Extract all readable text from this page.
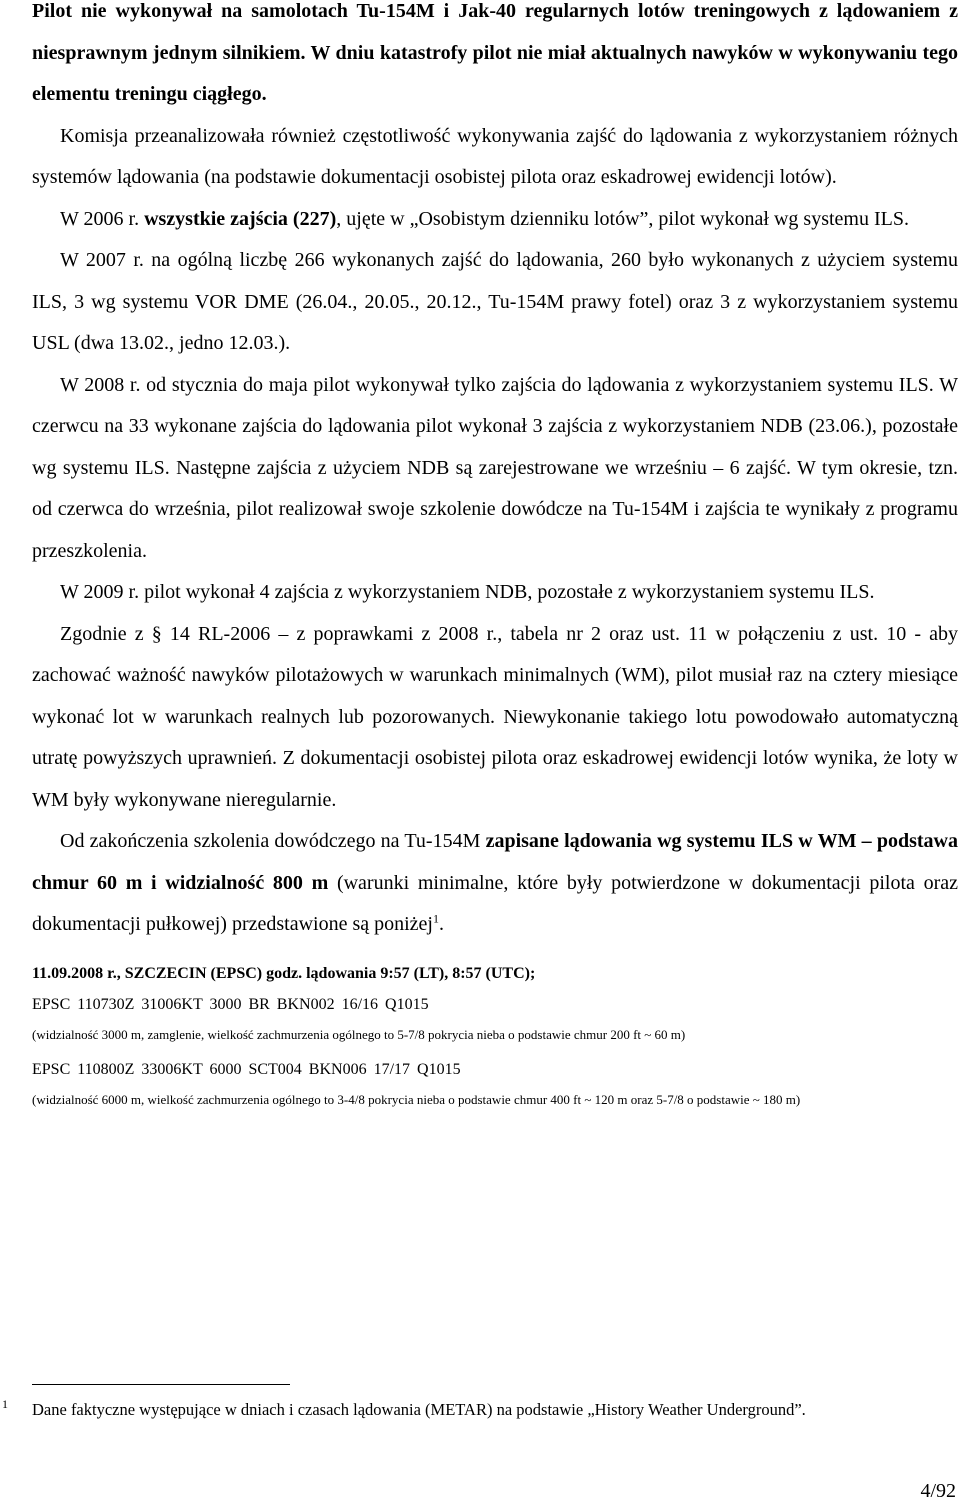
Pilot nie wykonywał na samolotach Tu-154M i Jak-40 regularnych lotów treningowych z lądowaniem z niesprawnym jednym silnikiem. W dniu katastrofy pilot nie miał aktualnych nawyków w wykonywaniu tego elementu treningu ciągłego.

Komisja przeanalizowała również częstotliwość wykonywania zajść do lądowania z wykorzystaniem różnych systemów lądowania (na podstawie dokumentacji osobistej pilota oraz eskadrowej ewidencji lotów).

W 2006 r. wszystkie zajścia (227), ujęte w „Osobistym dzienniku lotów”, pilot wykonał wg systemu ILS.

W 2007 r. na ogólną liczbę 266 wykonanych zajść do lądowania, 260 było wykonanych z użyciem systemu ILS, 3 wg systemu VOR DME (26.04., 20.05., 20.12., Tu-154M prawy fotel) oraz 3 z wykorzystaniem systemu USL (dwa 13.02., jedno 12.03.).

W 2008 r. od stycznia do maja pilot wykonywał tylko zajścia do lądowania z wykorzystaniem systemu ILS. W czerwcu na 33 wykonane zajścia do lądowania pilot wykonał 3 zajścia z wykorzystaniem NDB (23.06.), pozostałe wg systemu ILS. Następne zajścia z użyciem NDB są zarejestrowane we wrześniu – 6 zajść. W tym okresie, tzn. od czerwca do września, pilot realizował swoje szkolenie dowódcze na Tu-154M i zajścia te wynikały z programu przeszkolenia.

W 2009 r. pilot wykonał 4 zajścia z wykorzystaniem NDB, pozostałe z wykorzystaniem systemu ILS.

Zgodnie z § 14 RL-2006 – z poprawkami z 2008 r., tabela nr 2 oraz ust. 11 w połączeniu z ust. 10 - aby zachować ważność nawyków pilotażowych w warunkach minimalnych (WM), pilot musiał raz na cztery miesiące wykonać lot w warunkach realnych lub pozorowanych. Niewykonanie takiego lotu powodowało automatyczną utratę powyższych uprawnień. Z dokumentacji osobistej pilota oraz eskadrowej ewidencji lotów wynika, że loty w WM były wykonywane nieregularnie.

Od zakończenia szkolenia dowódczego na Tu-154M zapisane lądowania wg systemu ILS w WM – podstawa chmur 60 m i widzialność 800 m (warunki minimalne, które były potwierdzone w dokumentacji pilota oraz dokumentacji pułkowej) przedstawione są poniżej$^1$.

11.09.2008 r., SZCZECIN (EPSC) godz. lądowania 9:57 (LT), 8:57 (UTC);

EPSC 110730Z 31006KT 3000 BR BKN002 16/16 Q1015

(widzialność 3000 m, zamglenie, wielkość zachmurzenia ogólnego to 5-7/8 pokrycia nieba o podstawie chmur 200 ft ~ 60 m)

EPSC 110800Z 33006KT 6000 SCT004 BKN006 17/17 Q1015

(widzialność 6000 m, wielkość zachmurzenia ogólnego to 3-4/8 pokrycia nieba o podstawie chmur 400 ft ~ 120 m oraz 5-7/8 o podstawie ~ 180 m)

1 Dane faktyczne występujące w dniach i czasach lądowania (METAR) na podstawie „History Weather Underground”.

4/92
